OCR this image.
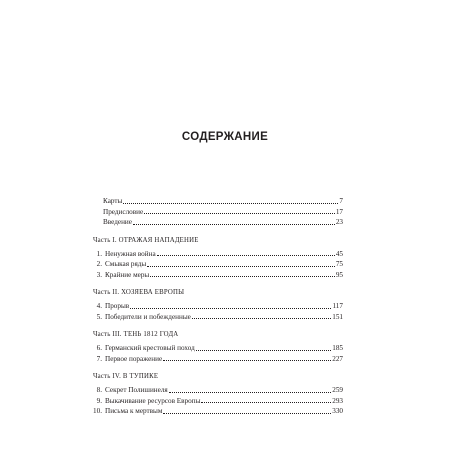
СОДЕРЖАНИЕ
Карты	7
Предисловие	17
Введение	23
Часть I. ОТРАЖАЯ НАПАДЕНИЕ
1. Ненужная война	45
2. Смыкая ряды	75
3. Крайние меры	95
Часть II. ХОЗЯЕВА ЕВРОПЫ
4. Прорыв	117
5. Победители и побежденные	151
Часть III. ТЕНЬ 1812 ГОДА
6. Германский крестовый поход	185
7. Первое поражение	227
Часть IV. В ТУПИКЕ
8. Секрет Полишинеля	259
9. Выкачивание ресурсов Европы	293
10. Письма к мертвым	330
